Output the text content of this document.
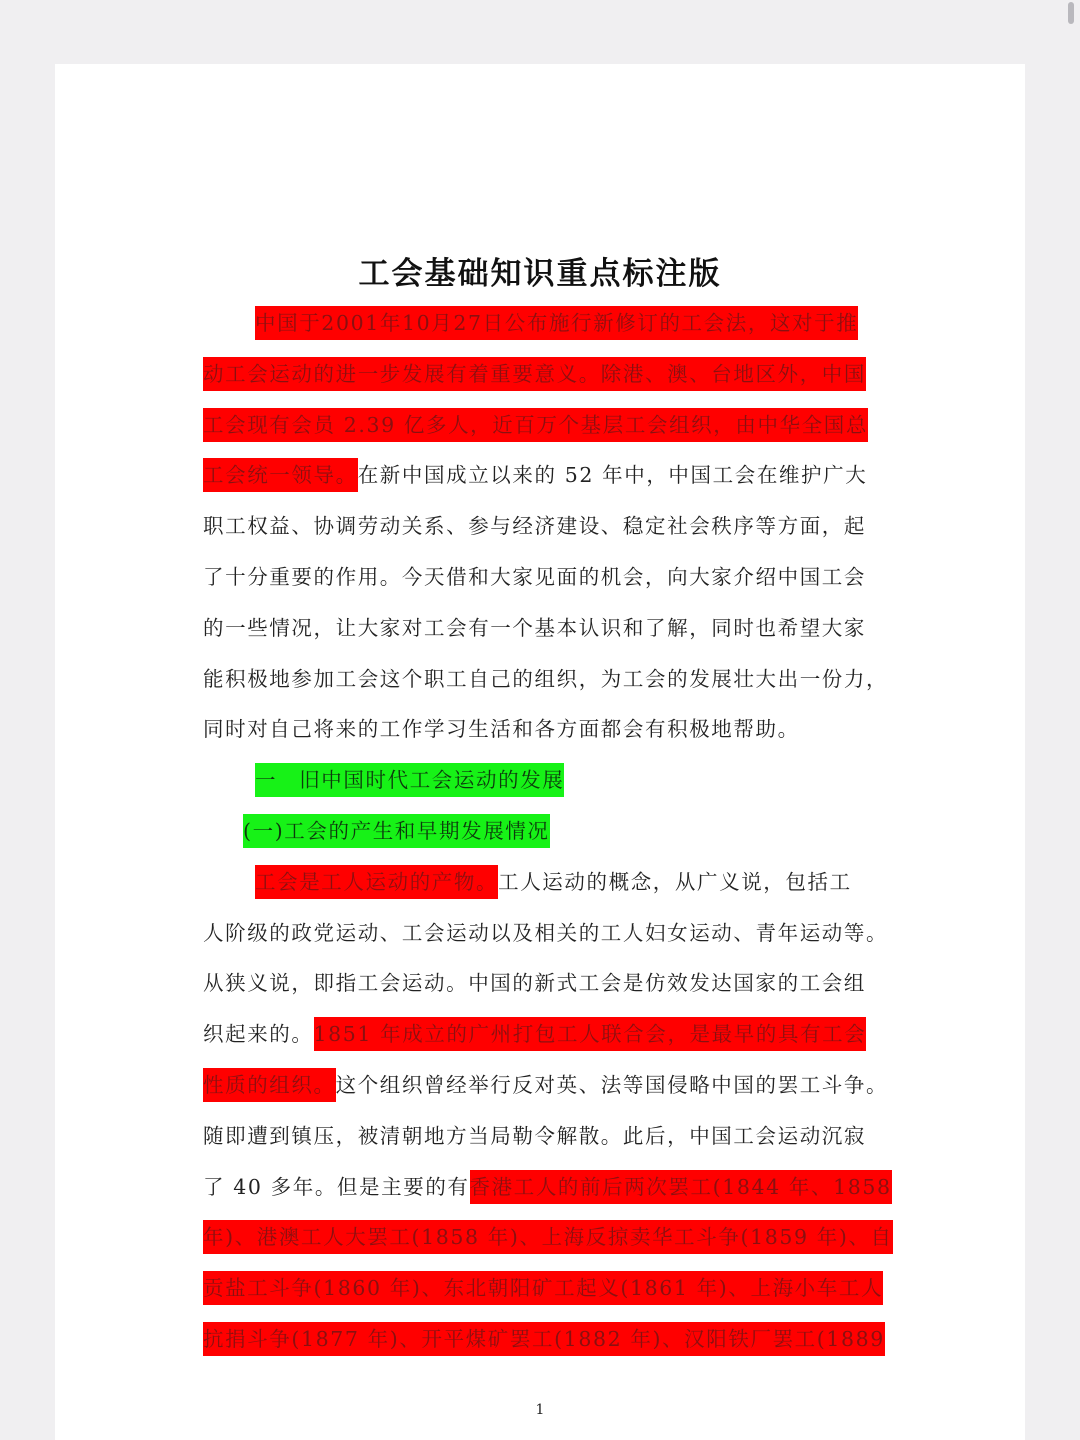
工会基础知识重点标注版
中国于2001年10月27日公布施行新修订的工会法，这对于推
动工会运动的进一步发展有着重要意义。除港、澳、台地区外，中国
工会现有会员 2.39 亿多人，近百万个基层工会组织，由中华全国总
工会统一领导。在新中国成立以来的 52 年中，中国工会在维护广大
职工权益、协调劳动关系、参与经济建设、稳定社会秩序等方面，起
了十分重要的作用。今天借和大家见面的机会，向大家介绍中国工会
的一些情况，让大家对工会有一个基本认识和了解，同时也希望大家
能积极地参加工会这个职工自己的组织，为工会的发展壮大出一份力，
同时对自己将来的工作学习生活和各方面都会有积极地帮助。
一　旧中国时代工会运动的发展
(一)工会的产生和早期发展情况
工会是工人运动的产物。工人运动的概念，从广义说，包括工
人阶级的政党运动、工会运动以及相关的工人妇女运动、青年运动等。
从狭义说，即指工会运动。中国的新式工会是仿效发达国家的工会组
织起来的。1851 年成立的广州打包工人联合会，是最早的具有工会
性质的组织。这个组织曾经举行反对英、法等国侵略中国的罢工斗争。
随即遭到镇压，被清朝地方当局勒令解散。此后，中国工会运动沉寂
了 40 多年。但是主要的有香港工人的前后两次罢工(1844 年、1858
年)、港澳工人大罢工(1858 年)、上海反掠卖华工斗争(1859 年)、自
贡盐工斗争(1860 年)、东北朝阳矿工起义(1861 年)、上海小车工人
抗捐斗争(1877 年)、开平煤矿罢工(1882 年)、汉阳铁厂罢工(1889
1
